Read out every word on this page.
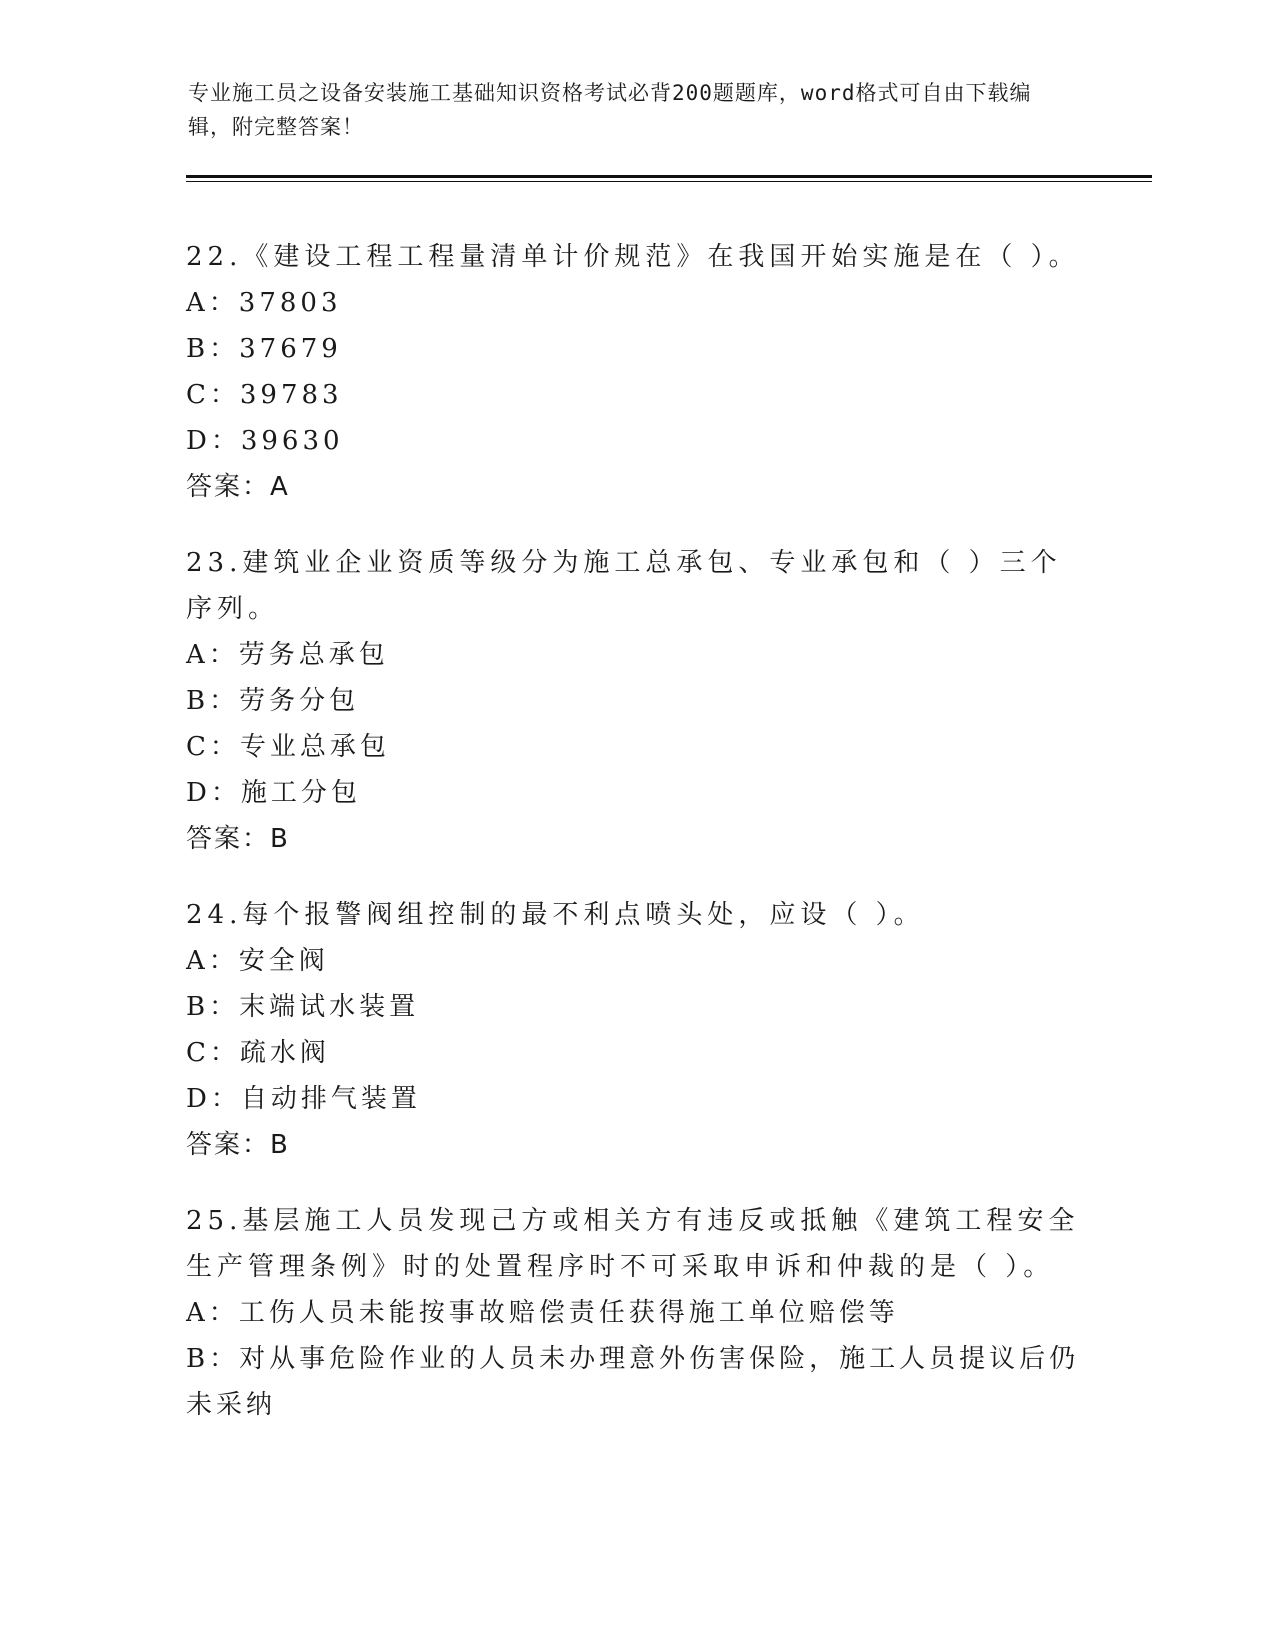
专业施工员之设备安装施工基础知识资格考试必背200题题库，word格式可自由下载编辑，附完整答案！

22.《建设工程工程量清单计价规范》在我国开始实施是在（ ）。

A：37803

B：37679

C：39783

D：39630

答案：A

23.建筑业企业资质等级分为施工总承包、专业承包和（ ）三个序列。

A：劳务总承包

B：劳务分包

C：专业总承包

D：施工分包

答案：B

24.每个报警阀组控制的最不利点喷头处，应设（ ）。

A：安全阀

B：末端试水装置

C：疏水阀

D：自动排气装置

答案：B

25.基层施工人员发现己方或相关方有违反或抵触《建筑工程安全生产管理条例》时的处置程序时不可采取申诉和仲裁的是（ ）。

A：工伤人员未能按事故赔偿责任获得施工单位赔偿等

B：对从事危险作业的人员未办理意外伤害保险，施工人员提议后仍未采纳
